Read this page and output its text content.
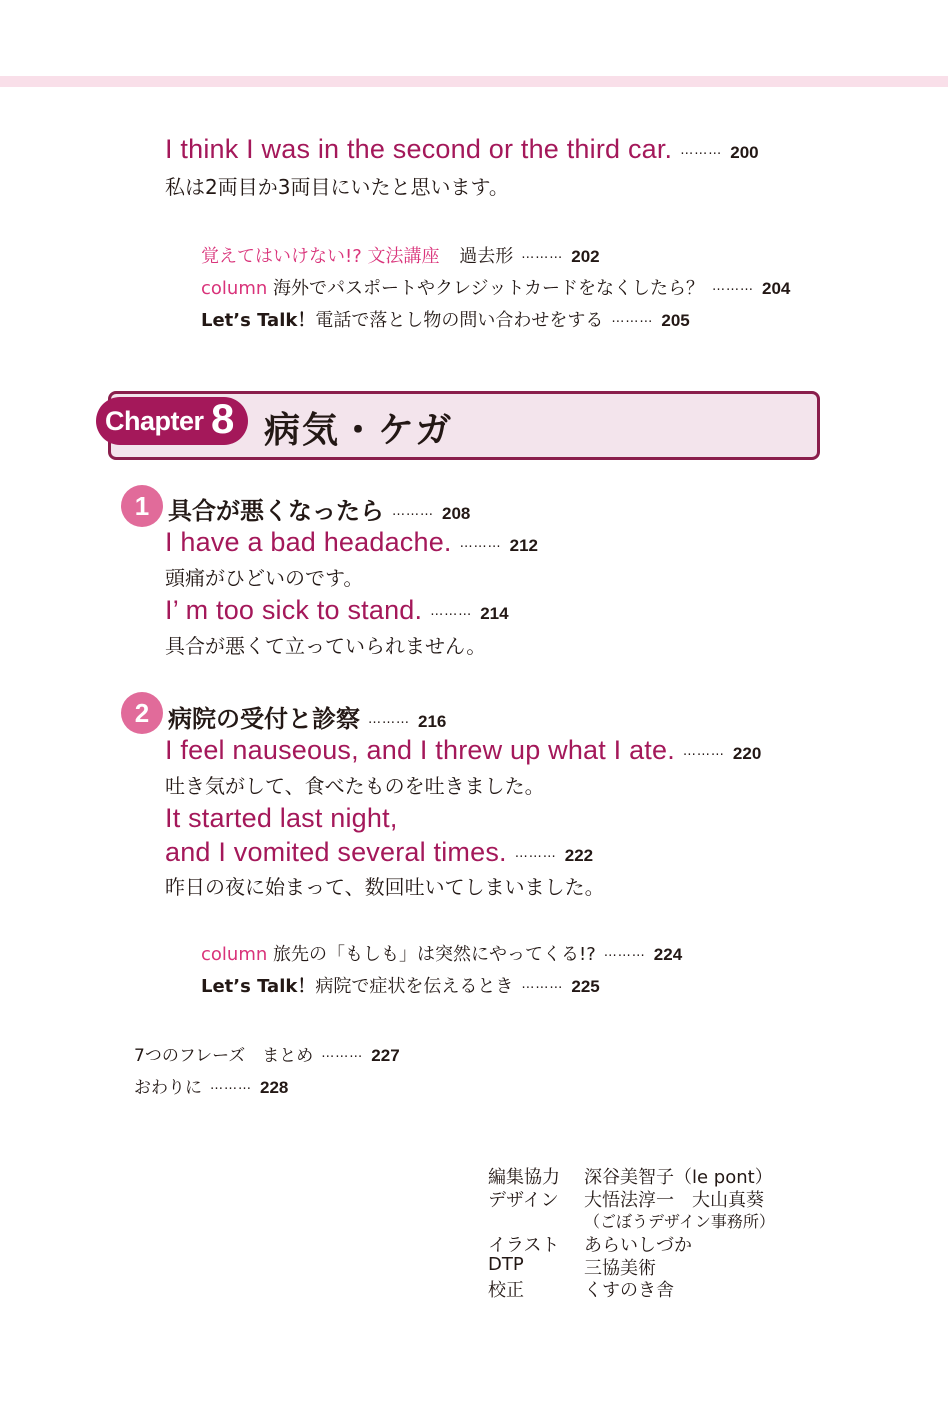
I think I was in the second or the third car. ……… 200
私は2両目か3両目にいたと思います。
覚えてはいけない!? 文法講座 過去形 ……… 202
column 海外でパスポートやクレジットカードをなくしたら？ ……… 204
Let’s Talk！電話で落とし物の問い合わせをする ……… 205
Chapter 8 病気・ケガ
1 具合が悪くなったら ……… 208
I have a bad headache. ……… 212
頭痛がひどいのです。
I’ m too sick to stand. ……… 214
具合が悪くて立っていられません。
2 病院の受付と診察 ……… 216
I feel nauseous, and I threw up what I ate. ……… 220
吐き気がして、食べたものを吐きました。
It started last night,
and I vomited several times. ……… 222
昨日の夜に始まって、数回吐いてしまいました。
column 旅先の「もしも」は突然にやってくる!? ……… 224
Let’s Talk！病院で症状を伝えるとき ……… 225
7つのフレーズ　まとめ ……… 227
おわりに ……… 228
編集協力 深谷美智子（le pont）
デザイン 大悟法淳一　大山真葵
（ごぼうデザイン事務所）
イラスト あらいしづか
DTP	三協美術
校正	くすのき舎
